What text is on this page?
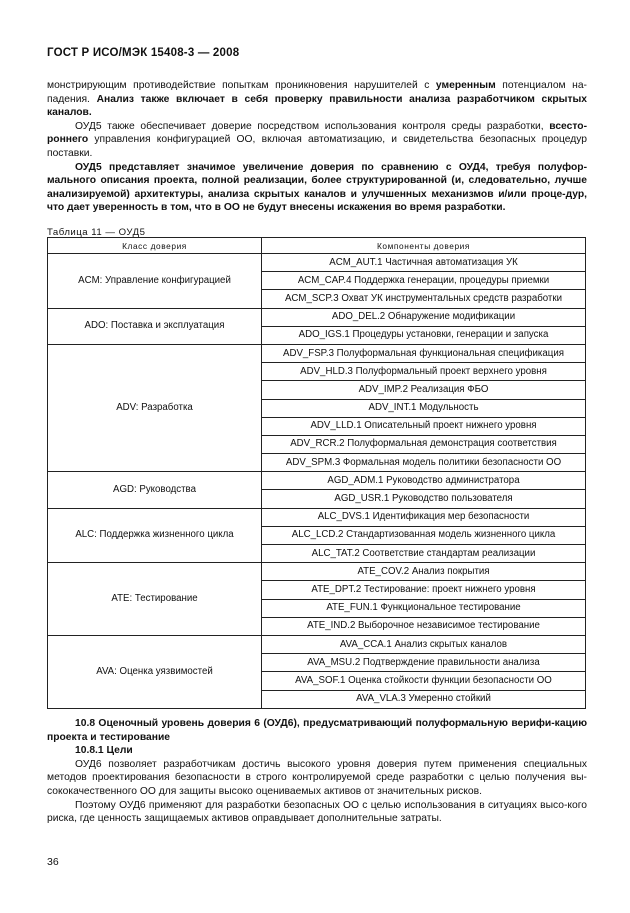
ГОСТ Р ИСО/МЭК 15408-3 — 2008

монстрирующим противодействие попыткам проникновения нарушителей с умеренным потенциалом на-падения. Анализ также включает в себя проверку правильности анализа разработчиком скрытых каналов.

ОУД5 также обеспечивает доверие посредством использования контроля среды разработки, всесто-роннего управления конфигурацией ОО, включая автоматизацию, и свидетельства безопасных процедур поставки.

ОУД5 представляет значимое увеличение доверия по сравнению с ОУД4, требуя полуфор-мального описания проекта, полной реализации, более структурированной (и, следовательно, лучше анализируемой) архитектуры, анализа скрытых каналов и улучшенных механизмов и/или проце-дур, что дает уверенность в том, что в ОО не будут внесены искажения во время разработки.

Таблица 11 — ОУД5
Класс доверия	Компоненты доверия
ACM: Управление конфигурацией	ACM_AUT.1 Частичная автоматизация УК
	ACM_CAP.4 Поддержка генерации, процедуры приемки
	ACM_SCP.3 Охват УК инструментальных средств разработки
ADO: Поставка и эксплуатация	ADO_DEL.2 Обнаружение модификации
	ADO_IGS.1 Процедуры установки, генерации и запуска
ADV: Разработка	ADV_FSP.3 Полуформальная функциональная спецификация
	ADV_HLD.3 Полуформальный проект верхнего уровня
	ADV_IMP.2 Реализация ФБО
	ADV_INT.1 Модульность
	ADV_LLD.1 Описательный проект нижнего уровня
	ADV_RCR.2 Полуформальная демонстрация соответствия
	ADV_SPM.3 Формальная модель политики безопасности ОО
AGD: Руководства	AGD_ADM.1 Руководство администратора
	AGD_USR.1 Руководство пользователя
ALC: Поддержка жизненного цикла	ALC_DVS.1 Идентификация мер безопасности
	ALC_LCD.2 Стандартизованная модель жизненного цикла
	ALC_TAT.2 Соответствие стандартам реализации
ATE: Тестирование	ATE_COV.2 Анализ покрытия
	ATE_DPT.2 Тестирование: проект нижнего уровня
	ATE_FUN.1 Функциональное тестирование
	ATE_IND.2 Выборочное независимое тестирование
AVA: Оценка уязвимостей	AVA_CCA.1 Анализ скрытых каналов
	AVA_MSU.2 Подтверждение правильности анализа
	AVA_SOF.1 Оценка стойкости функции безопасности ОО
	AVA_VLA.3 Умеренно стойкий

10.8 Оценочный уровень доверия 6 (ОУД6), предусматривающий полуформальную верифи-кацию проекта и тестирование

10.8.1 Цели

ОУД6 позволяет разработчикам достичь высокого уровня доверия путем применения специальных методов проектирования безопасности в строго контролируемой среде разработки с целью получения вы-сококачественного ОО для защиты высоко оцениваемых активов от значительных рисков.

Поэтому ОУД6 применяют для разработки безопасных ОО с целью использования в ситуациях высо-кого риска, где ценность защищаемых активов оправдывает дополнительные затраты.

36
